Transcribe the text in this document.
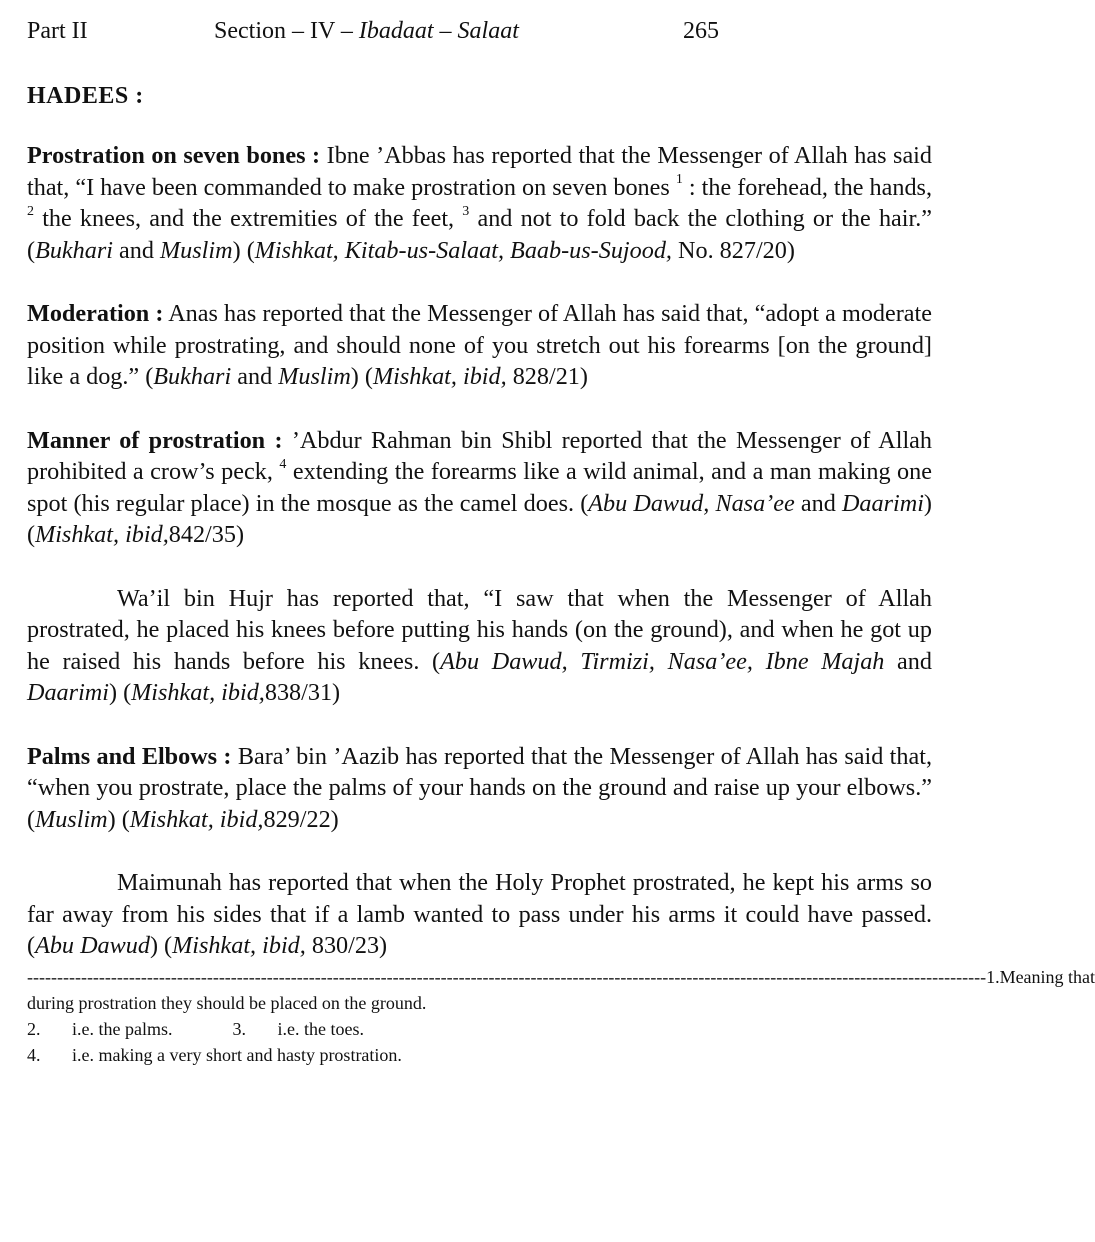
Part II	Section – IV – Ibadaat – Salaat	265
HADEES :

Prostration on seven bones : Ibne ’Abbas has reported that the Messenger of Allah has said that, “I have been commanded to make prostration on seven bones $^1$ : the forehead, the hands, $^2$ the knees, and the extremities of the feet, $^3$ and not to fold back the clothing or the hair.” (Bukhari and Muslim) (Mishkat, Kitab-us-Salaat, Baab-us-Sujood, No. 827/20)

Moderation : Anas has reported that the Messenger of Allah has said that, “adopt a moderate position while prostrating, and should none of you stretch out his forearms [on the ground] like a dog.” (Bukhari and Muslim) (Mishkat, ibid, 828/21)

Manner of prostration : ’Abdur Rahman bin Shibl reported that the Messenger of Allah prohibited a crow’s peck, $^4$ extending the forearms like a wild animal, and a man making one spot (his regular place) in the mosque as the camel does. (Abu Dawud, Nasa’ee and Daarimi) (Mishkat, ibid,842/35)

Wa’il bin Hujr has reported that, “I saw that when the Messenger of Allah prostrated, he placed his knees before putting his hands (on the ground), and when he got up he raised his hands before his knees. (Abu Dawud, Tirmizi, Nasa’ee, Ibne Majah and Daarimi) (Mishkat, ibid,838/31)

Palms and Elbows : Bara’ bin ’Aazib has reported that the Messenger of Allah has said that, “when you prostrate, place the palms of your hands on the ground and raise up your elbows.” (Muslim) (Mishkat, ibid,829/22)

Maimunah has reported that when the Holy Prophet prostrated, he kept his arms so far away from his sides that if a lamb wanted to pass under his arms it could have passed. (Abu Dawud) (Mishkat, ibid, 830/23)

---------------------------------------------------------------------------------------------------------------------------------------------------------------- 1. Meaning that
during prostration they should be placed on the ground.
2.	i.e. the palms.	3.	i.e. the toes.
4.	i.e. making a very short and hasty prostration.
